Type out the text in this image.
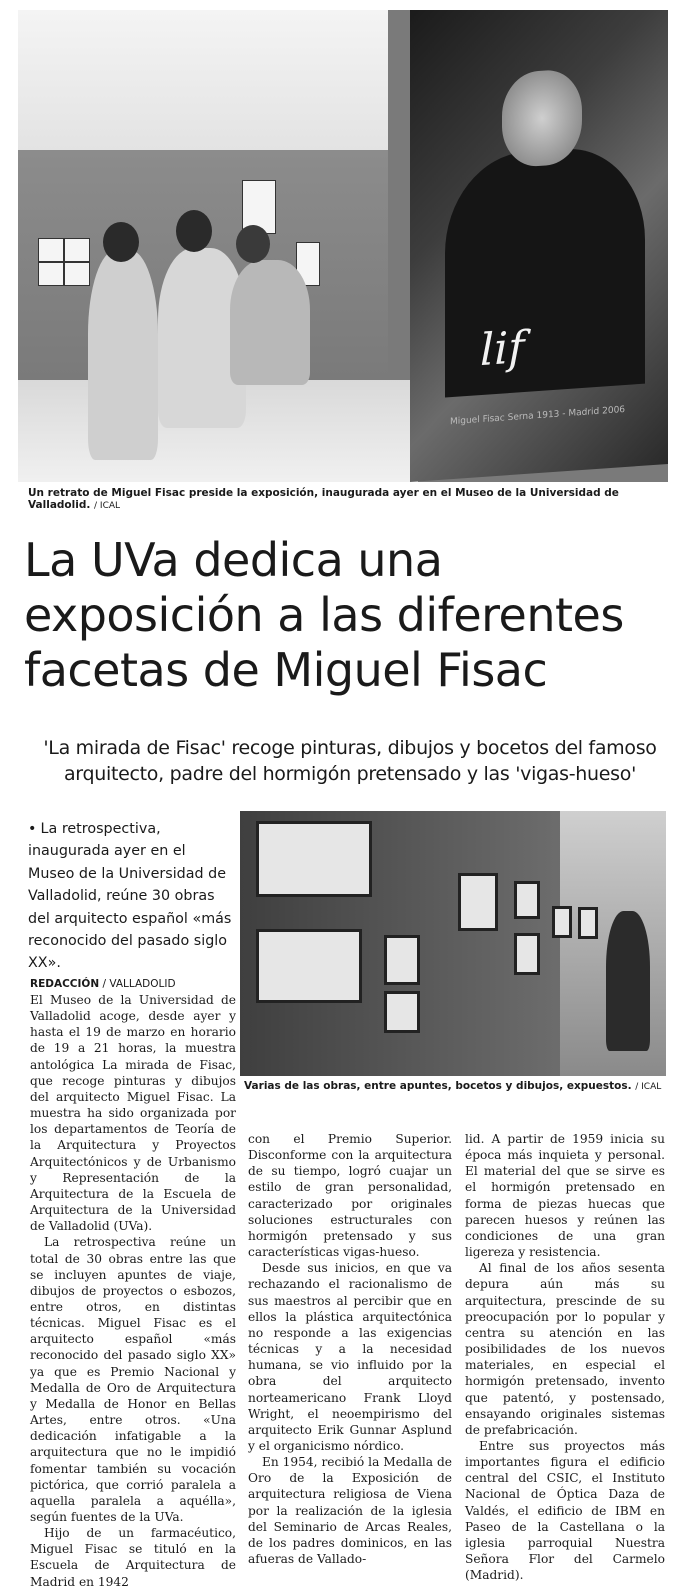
lif
Miguel Fisac Serna 1913 - Madrid 2006
Un retrato de Miguel Fisac preside la exposición, inaugurada ayer en el Museo de la Universidad de Valladolid. / ICAL
La UVa dedica una exposición a las diferentes facetas de Miguel Fisac
'La mirada de Fisac' recoge pinturas, dibujos y bocetos del famoso arquitecto, padre del hormigón pretensado y las 'vigas-hueso'
• La retrospectiva, inaugurada ayer en el Museo de la Universidad de Valladolid, reúne 30 obras del arquitecto español «más reconocido del pasado siglo XX».
Varias de las obras, entre apuntes, bocetos y dibujos, expuestos. / ICAL
REDACCIÓN / VALLADOLID

El Museo de la Universidad de Valladolid acoge, desde ayer y hasta el 19 de marzo en horario de 19 a 21 horas, la muestra antológica La mirada de Fisac, que recoge pinturas y dibujos del arquitecto Miguel Fisac. La muestra ha sido organizada por los departamentos de Teoría de la Arquitectura y Proyectos Arquitectónicos y de Urbanismo y Representación de la Arquitectura de la Escuela de Arquitectura de la Universidad de Valladolid (UVa).

La retrospectiva reúne un total de 30 obras entre las que se incluyen apuntes de viaje, dibujos de proyectos o esbozos, entre otros, en distintas técnicas. Miguel Fisac es el arquitecto español «más reconocido del pasado siglo XX» ya que es Premio Nacional y Medalla de Oro de Arquitectura y Medalla de Honor en Bellas Artes, entre otros. «Una dedicación infatigable a la arquitectura que no le impidió fomentar también su vocación pictórica, que corrió paralela a aquella paralela a aquélla», según fuentes de la UVa.

Hijo de un farmacéutico, Miguel Fisac se tituló en la Escuela de Arquitectura de Madrid en 1942

con el Premio Superior. Disconforme con la arquitectura de su tiempo, logró cuajar un estilo de gran personalidad, caracterizado por originales soluciones estructurales con hormigón pretensado y sus características vigas-hueso.

Desde sus inicios, en que va rechazando el racionalismo de sus maestros al percibir que en ellos la plástica arquitectónica no responde a las exigencias técnicas y a la necesidad humana, se vio influido por la obra del arquitecto norteamericano Frank Lloyd Wright, el neoempirismo del arquitecto Erik Gunnar Asplund y el organicismo nórdico.

En 1954, recibió la Medalla de Oro de la Exposición de arquitectura religiosa de Viena por la realización de la iglesia del Seminario de Arcas Reales, de los padres dominicos, en las afueras de Vallado-

lid. A partir de 1959 inicia su época más inquieta y personal. El material del que se sirve es el hormigón pretensado en forma de piezas huecas que parecen huesos y reúnen las condiciones de una gran ligereza y resistencia.

Al final de los años sesenta depura aún más su arquitectura, prescinde de su preocupación por lo popular y centra su atención en las posibilidades de los nuevos materiales, en especial el hormigón pretensado, invento que patentó, y postensado, ensayando originales sistemas de prefabricación.

Entre sus proyectos más importantes figura el edificio central del CSIC, el Instituto Nacional de Óptica Daza de Valdés, el edificio de IBM en Paseo de la Castellana o la iglesia parroquial Nuestra Señora Flor del Carmelo (Madrid).
